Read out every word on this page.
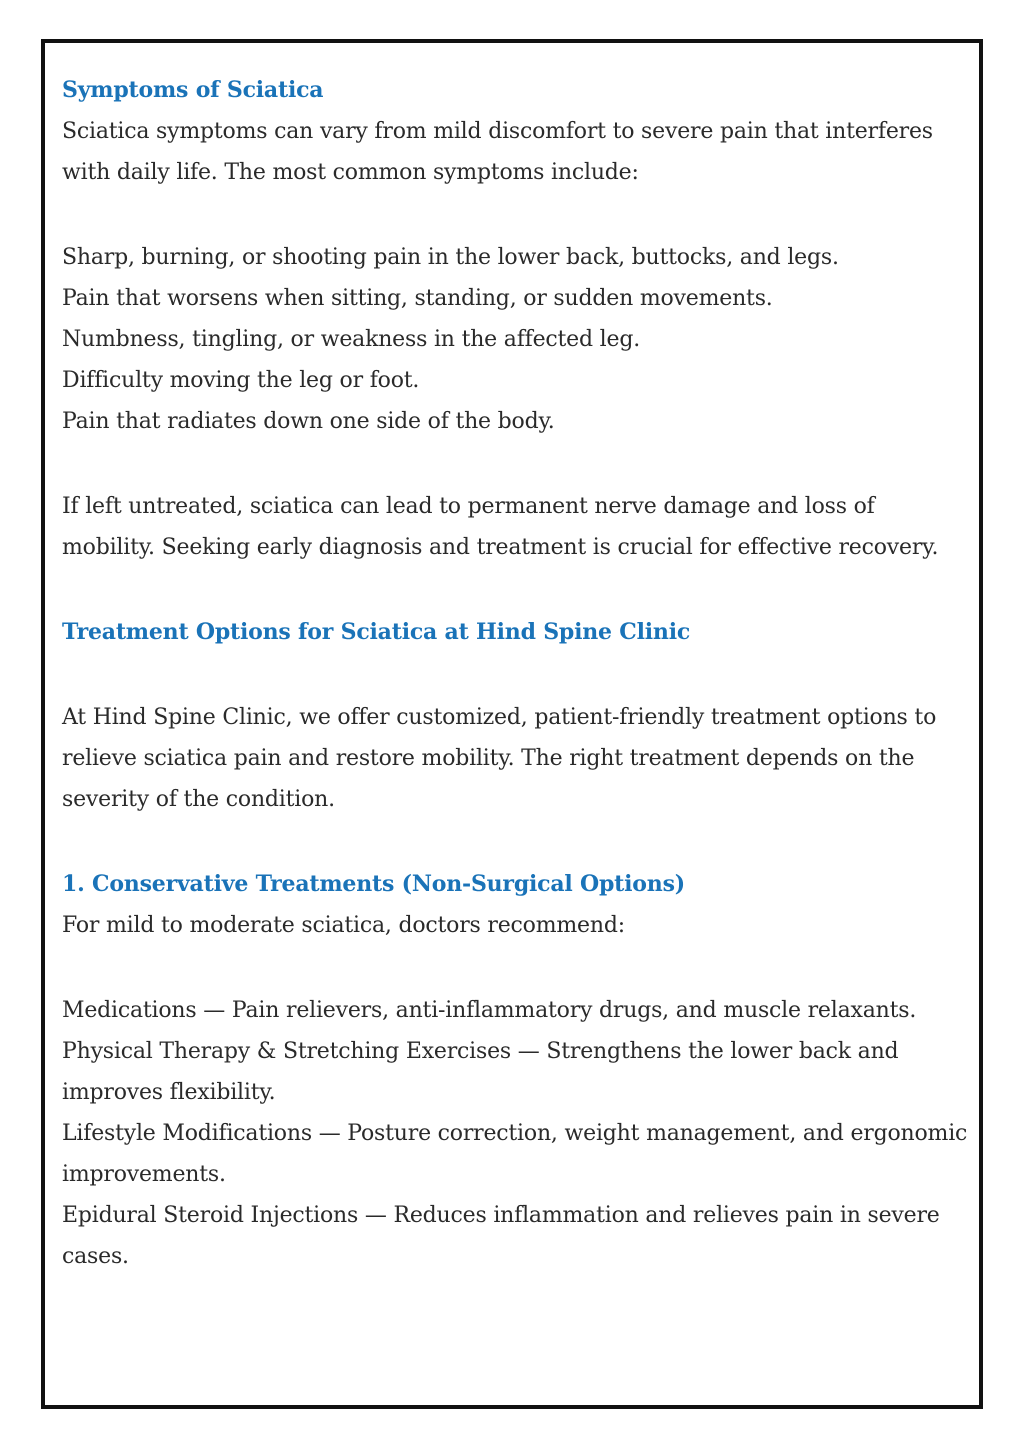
Symptoms of Sciatica

Sciatica symptoms can vary from mild discomfort to severe pain that interferes with daily life. The most common symptoms include:

Sharp, burning, or shooting pain in the lower back, buttocks, and legs.

Pain that worsens when sitting, standing, or sudden movements.

Numbness, tingling, or weakness in the affected leg.

Difficulty moving the leg or foot.

Pain that radiates down one side of the body.

If left untreated, sciatica can lead to permanent nerve damage and loss of mobility. Seeking early diagnosis and treatment is crucial for effective recovery.

Treatment Options for Sciatica at Hind Spine Clinic

At Hind Spine Clinic, we offer customized, patient-friendly treatment options to relieve sciatica pain and restore mobility. The right treatment depends on the severity of the condition.

1. Conservative Treatments (Non-Surgical Options)

For mild to moderate sciatica, doctors recommend:

Medications — Pain relievers, anti-inflammatory drugs, and muscle relaxants.

Physical Therapy & Stretching Exercises — Strengthens the lower back and improves flexibility.

Lifestyle Modifications — Posture correction, weight management, and ergonomic improvements.

Epidural Steroid Injections — Reduces inflammation and relieves pain in severe cases.
